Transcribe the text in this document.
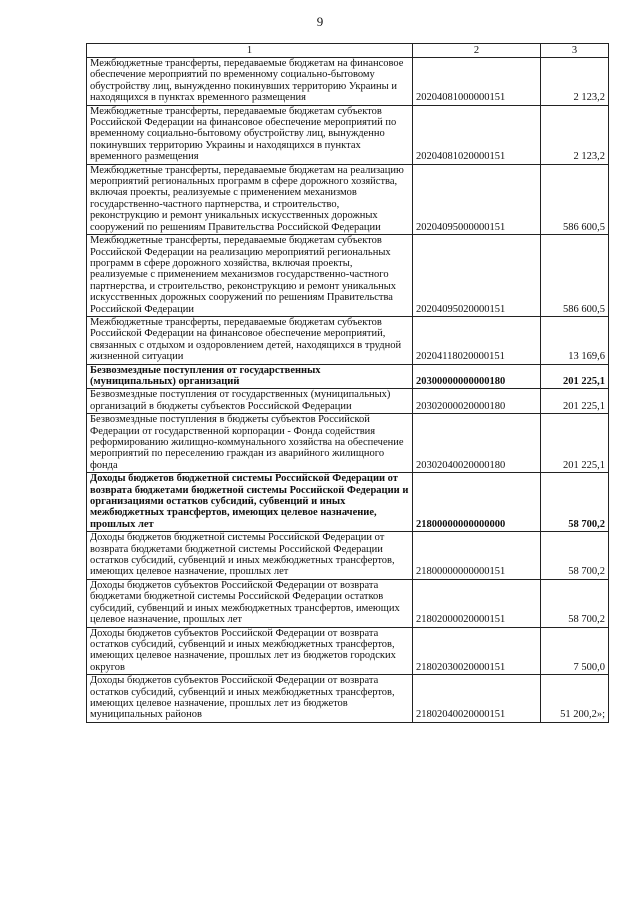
9
1	2	3
Межбюджетные трансферты, передаваемые бюджетам на финансовое обеспечение мероприятий по временному социально-бытовому обустройству лиц, вынужденно покинувших территорию Украины и находящихся в пунктах временного размещения	20204081000000151	2 123,2
Межбюджетные трансферты, передаваемые бюджетам субъектов Российской Федерации на финансовое обеспечение мероприятий по временному социально-бытовому обустройству лиц, вынужденно покинувших территорию Украины и находящихся в пунктах временного размещения	20204081020000151	2 123,2
Межбюджетные трансферты, передаваемые бюджетам на реализацию мероприятий региональных программ в сфере дорожного хозяйства, включая проекты, реализуемые с применением механизмов государственно-частного партнерства, и строительство, реконструкцию и ремонт уникальных искусственных дорожных сооружений по решениям Правительства Российской Федерации	20204095000000151	586 600,5
Межбюджетные трансферты, передаваемые бюджетам субъектов Российской Федерации на реализацию мероприятий региональных программ в сфере дорожного хозяйства, включая проекты, реализуемые с применением механизмов государственно-частного партнерства, и строительство, реконструкцию и ремонт уникальных искусственных дорожных сооружений по решениям Правительства Российской Федерации	20204095020000151	586 600,5
Межбюджетные трансферты, передаваемые бюджетам субъектов Российской Федерации на финансовое обеспечение мероприятий, связанных с отдыхом и оздоровлением детей, находящихся в трудной жизненной ситуации	20204118020000151	13 169,6
Безвозмездные поступления от государственных (муниципальных) организаций	20300000000000180	201 225,1
Безвозмездные поступления от государственных (муниципальных) организаций в бюджеты субъектов Российской Федерации	20302000020000180	201 225,1
Безвозмездные поступления в бюджеты субъектов Российской Федерации от государственной корпорации - Фонда содействия реформированию жилищно-коммунального хозяйства на обеспечение мероприятий по переселению граждан из аварийного жилищного фонда	20302040020000180	201 225,1
Доходы бюджетов бюджетной системы Российской Федерации от возврата бюджетами бюджетной системы Российской Федерации и организациями остатков субсидий, субвенций и иных межбюджетных трансфертов, имеющих целевое назначение, прошлых лет	21800000000000000	58 700,2
Доходы бюджетов бюджетной системы Российской Федерации от возврата бюджетами бюджетной системы Российской Федерации остатков субсидий, субвенций и иных межбюджетных трансфертов, имеющих целевое назначение, прошлых лет	21800000000000151	58 700,2
Доходы бюджетов субъектов Российской Федерации от возврата бюджетами бюджетной системы Российской Федерации остатков субсидий, субвенций и иных межбюджетных трансфертов, имеющих целевое назначение, прошлых лет	21802000020000151	58 700,2
Доходы бюджетов субъектов Российской Федерации от возврата остатков субсидий, субвенций и иных межбюджетных трансфертов, имеющих целевое назначение, прошлых лет из бюджетов городских округов	21802030020000151	7 500,0
Доходы бюджетов субъектов Российской Федерации от возврата остатков субсидий, субвенций и иных межбюджетных трансфертов, имеющих целевое назначение, прошлых лет из бюджетов муниципальных районов	21802040020000151	51 200,2»;
